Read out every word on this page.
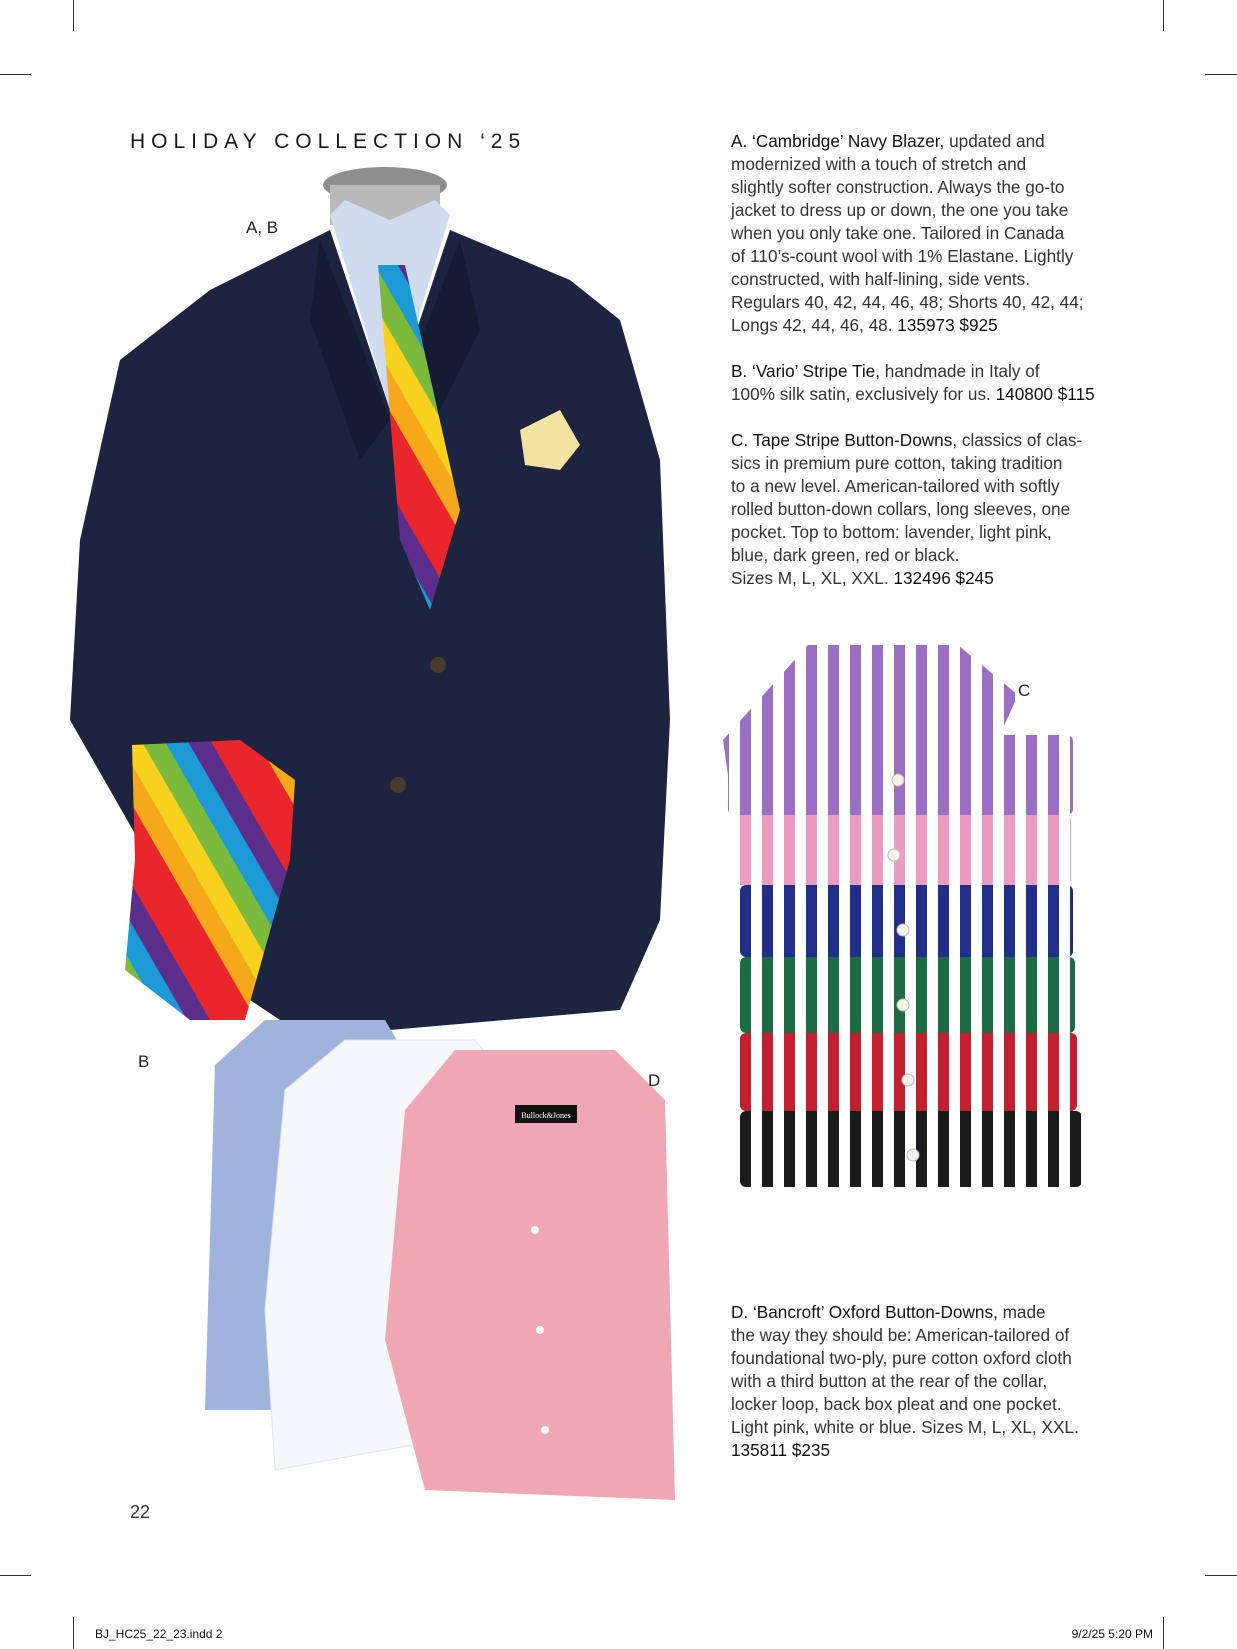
HOLIDAY COLLECTION ‘25
Bullock&Jones
A, B
B
C
D
A. ‘Cambridge’ Navy Blazer, updated and
modernized with a touch of stretch and
slightly softer construction. Always the go-to
jacket to dress up or down, the one you take
when you only take one. Tailored in Canada
of 110’s-count wool with 1% Elastane. Lightly
constructed, with half-lining, side vents.
Regulars 40, 42, 44, 46, 48; Shorts 40, 42, 44;
Longs 42, 44, 46, 48. 135973 $925
B. ‘Vario’ Stripe Tie, handmade in Italy of
100% silk satin, exclusively for us. 140800 $115
C. Tape Stripe Button-Downs, classics of clas-
sics in premium pure cotton, taking tradition
to a new level. American-tailored with softly
rolled button-down collars, long sleeves, one
pocket. Top to bottom: lavender, light pink,
blue, dark green, red or black.
Sizes M, L, XL, XXL. 132496 $245
D. ‘Bancroft’ Oxford Button-Downs, made
the way they should be: American-tailored of
foundational two-ply, pure cotton oxford cloth
with a third button at the rear of the collar,
locker loop, back box pleat and one pocket.
Light pink, white or blue. Sizes M, L, XL, XXL.
135811 $235
22
BJ_HC25_22_23.indd 2	9/2/25 5:20 PM
